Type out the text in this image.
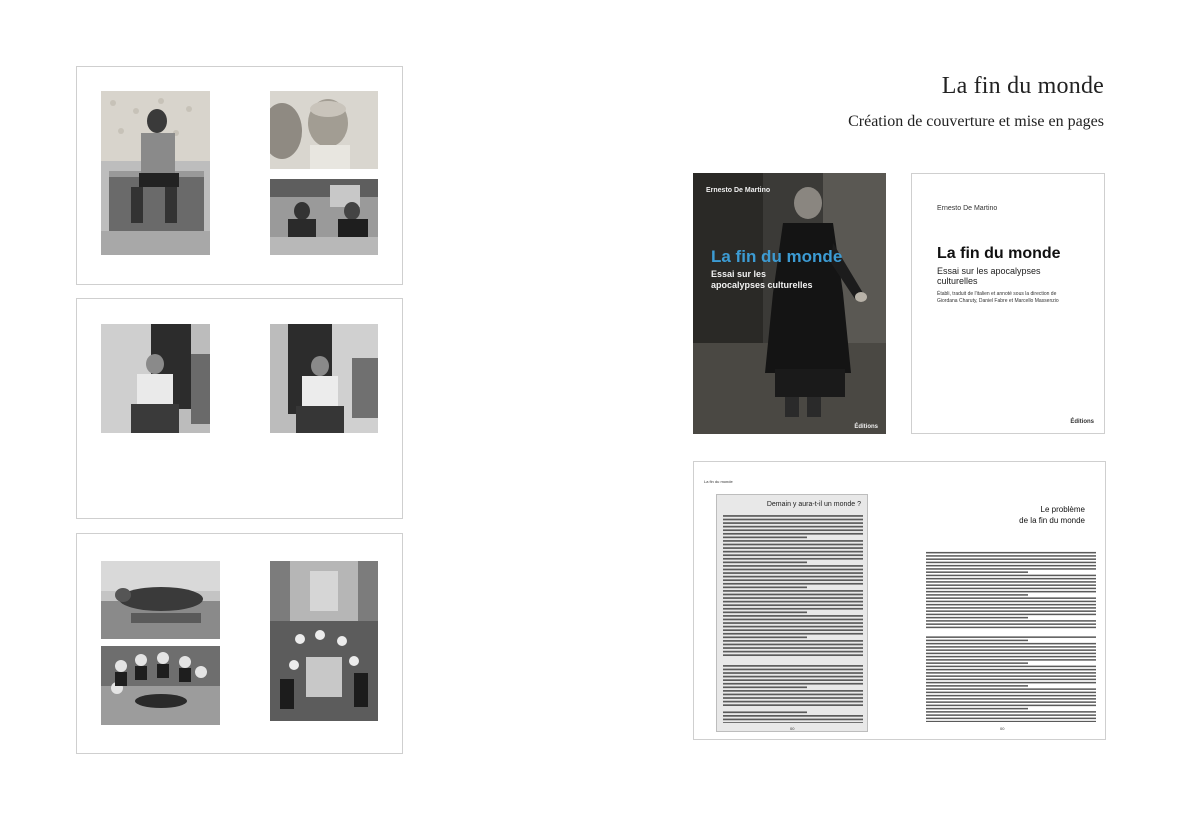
La fin du monde
Création de couverture et mise en pages
Ernesto De Martino
La fin du monde
Essai sur les apocalypses culturelles
Éditions
Ernesto De Martino
La fin du monde
Essai sur les apocalypses culturelles
Établi, traduit de l'italien et annoté sous la direction de Giordana Charuty, Daniel Fabre et Marcello Massenzio
Éditions
La fin du monde
Demain y aura-t-il un monde ?
Le problème
de la fin du monde
00	00
